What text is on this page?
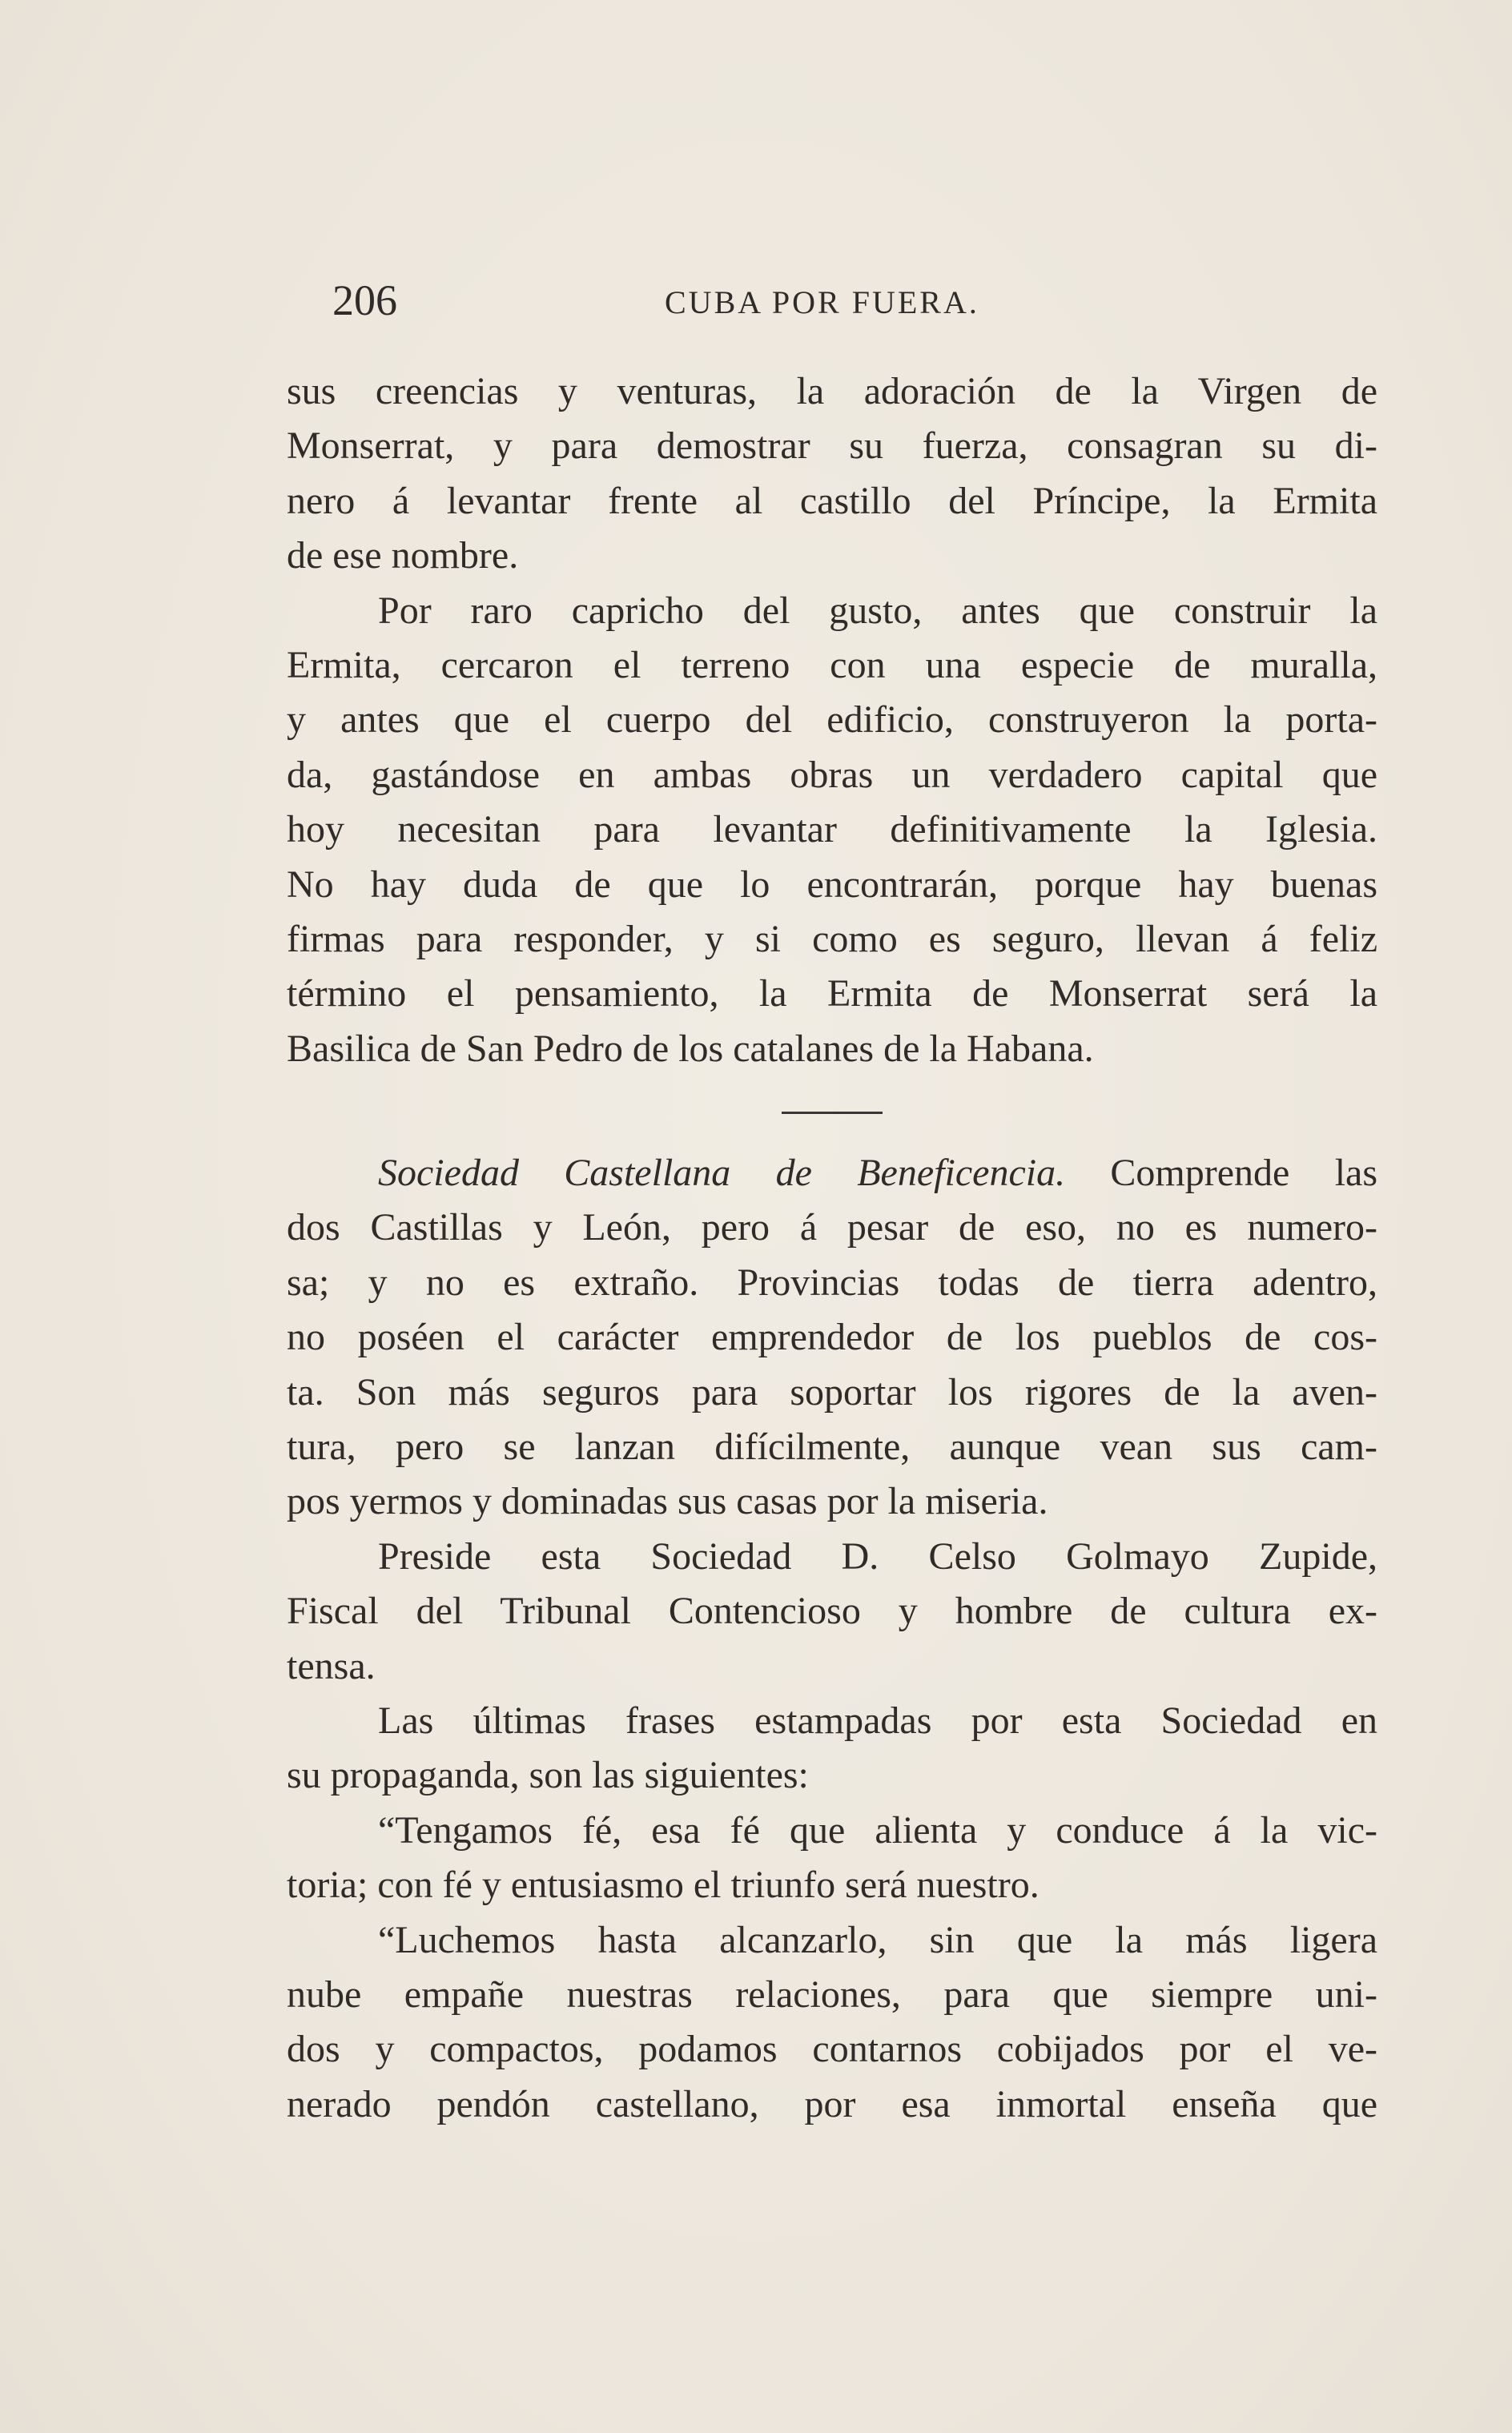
206	CUBA POR FUERA.
sus creencias y venturas, la adoración de la Virgen de
Monserrat, y para demostrar su fuerza, consagran su di-
nero á levantar frente al castillo del Príncipe, la Ermita
de ese nombre.
Por raro capricho del gusto, antes que construir la
Ermita, cercaron el terreno con una especie de muralla,
y antes que el cuerpo del edificio, construyeron la porta-
da, gastándose en ambas obras un verdadero capital que
hoy necesitan para levantar definitivamente la Iglesia.
No hay duda de que lo encontrarán, porque hay buenas
firmas para responder, y si como es seguro, llevan á feliz
término el pensamiento, la Ermita de Monserrat será la
Basilica de San Pedro de los catalanes de la Habana.
Sociedad Castellana de Beneficencia. Comprende las
dos Castillas y León, pero á pesar de eso, no es numero-
sa; y no es extraño. Provincias todas de tierra adentro,
no poséen el carácter emprendedor de los pueblos de cos-
ta. Son más seguros para soportar los rigores de la aven-
tura, pero se lanzan difícilmente, aunque vean sus cam-
pos yermos y dominadas sus casas por la miseria.
Preside esta Sociedad D. Celso Golmayo Zupide,
Fiscal del Tribunal Contencioso y hombre de cultura ex-
tensa.
Las últimas frases estampadas por esta Sociedad en
su propaganda, son las siguientes:
“Tengamos fé, esa fé que alienta y conduce á la vic-
toria; con fé y entusiasmo el triunfo será nuestro.
“Luchemos hasta alcanzarlo, sin que la más ligera
nube empañe nuestras relaciones, para que siempre uni-
dos y compactos, podamos contarnos cobijados por el ve-
nerado pendón castellano, por esa inmortal enseña que
